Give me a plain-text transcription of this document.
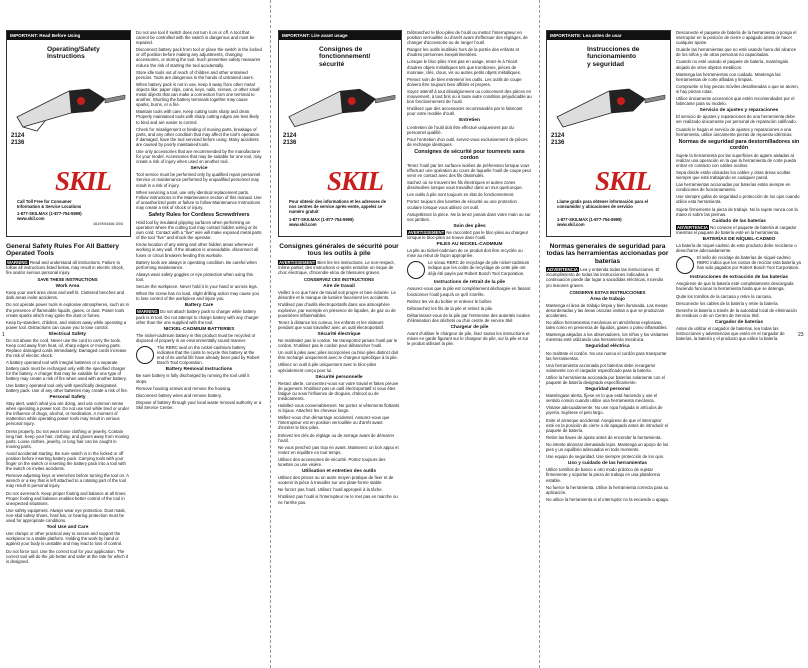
1	23
IMPORTANT: Read Before Using
Operating/Safety
Instructions
2124
2136
SKIL
Call Toll Free for Consumer
Information & Service Locations
1-877-SKILMAX (1-877-754-5999)
www.skil.com
1619X04466 3/04
General Safety Rules For All Battery Operated Tools

WARNING Read and understand all instructions. Failure to follow all instructions listed below, may result in electric shock, fire and/or serious personal injury.

SAVE THESE INSTRUCTIONS

Work Area

Keep your work area clean and well lit. Cluttered benches and dark areas invite accidents.

Do not operate power tools in explosive atmospheres, such as in the presence of flammable liquids, gases, or dust. Power tools create sparks which may ignite the dust or fumes.

Keep by-standers, children, and visitors away while operating a power tool. Distractions can cause you to lose control.

Electrical Safety

Do not abuse the cord. Never use the cord to carry the tools. Keep cord away from heat, oil, sharp edges or moving parts. Replace damaged cords immediately. Damaged cords increase the risk of electric shock.

A battery operated tool with integral batteries or a separate battery pack must be recharged only with the specified charger for the battery. A charger that may be suitable for one type of battery may create a risk of fire when used with another battery.

Use battery operated tool only with specifically designated battery pack. Use of any other batteries may create a risk of fire.

Personal Safety

Stay alert, watch what you are doing, and use common sense when operating a power tool. Do not use tool while tired or under the influence of drugs, alcohol, or medication. A moment of inattention while operating power tools may result in serious personal injury.

Dress properly. Do not wear loose clothing or jewelry. Contain long hair. Keep your hair, clothing, and gloves away from moving parts. Loose clothes, jewelry, or long hair can be caught in moving parts.

Avoid accidental starting. Be sure switch is in the locked or off position before inserting battery pack. Carrying tools with your finger on the switch or inserting the battery pack into a tool with the switch on invites accidents.

Remove adjusting keys or wrenches before turning the tool on. A wrench or a key that is left attached to a rotating part of the tool may result in personal injury.

Do not overreach. Keep proper footing and balance at all times. Proper footing and balance enables better control of the tool in unexpected situations.

Use safety equipment. Always wear eye protection. Dust mask, non-skid safety shoes, hard hat, or hearing protection must be used for appropriate conditions.

Tool Use and Care

Use clamps or other practical way to secure and support the workpiece to a stable platform. Holding the work by hand or against your body is unstable and may lead to loss of control.

Do not force tool. Use the correct tool for your application. The correct tool will do the job better and safer at the rate for which it is designed.

Do not use tool if switch does not turn it on or off. A tool that cannot be controlled with the switch is dangerous and must be repaired.

Disconnect battery pack from tool or place the switch in the locked or off position before making any adjustments, changing accessories, or storing the tool. Such preventive safety measures reduce the risk of starting the tool accidentally.

Store idle tools out of reach of children and other untrained persons. Tools are dangerous in the hands of untrained users.

When battery pack is not in use, keep it away from other metal objects like: paper clips, coins, keys, nails, screws, or other small metal objects that can make a connection from one terminal to another. Shorting the battery terminals together may cause sparks, burns, or a fire.

Maintain tools with care. Keep cutting tools sharp and clean. Properly maintained tools with sharp cutting edges are less likely to bind and are easier to control.

Check for misalignment or binding of moving parts, breakage of parts, and any other condition that may affect the tool's operation. If damaged, have the tool serviced before using. Many accidents are caused by poorly maintained tools.

Use only accessories that are recommended by the manufacturer for your model. Accessories that may be suitable for one tool, may create a risk of injury when used on another tool.

Service

Tool service must be performed only by qualified repair personnel. Service or maintenance performed by unqualified personnel may result in a risk of injury.

When servicing a tool, use only identical replacement parts. Follow instructions in the Maintenance section of this manual. Use of unauthorized parts or failure to follow Maintenance Instructions may create a risk of shock or injury.

Safety Rules for Cordless Screwdrivers

Hold tool by insulated gripping surfaces when performing an operation where the cutting tool may contact hidden wiring or its own cord. Contact with a "live" wire will make exposed metal parts of the tool "live" and shock the operator.

Know location of any wiring and other hidden areas whenever working in any wall. If the situation is unavoidable, disconnect all fuses or circuit breakers feeding this worksite.

Battery tools are always in operating condition. Be careful when performing maintenance.

Always wear safety goggles or eye protection when using this tool.

Secure the workpiece. Never hold it in your hand or across legs.

When the screw has no load, slight drilling action may cause you to lose control of the workpiece and injure you.

Battery Care

WARNING Do not attach battery pack to charger while battery pack is in tool. Do not attempt to charge battery with any charger other than the one supplied with the tool.

NICKEL-CADMIUM BATTERIES

The nickel-cadmium battery in this product must be recycled or disposed of properly in an environmentally sound manner.

The RBRC seal on the nickel-cadmium battery indicates that the costs to recycle this battery at the end of its useful life have already been paid by Robert Bosch Tool Corporation.

Battery Removal Instructions

Be sure battery is fully discharged by running the tool until it stops.

Remove housing screws and remove the housing.

Disconnect battery wires and remove battery.

Dispose of battery through your local waste removal authority or a Skil Service Center.

IMPORTANT: Lire avant usage
Consignes de
fonctionnement/
sécurité
2124
2136
SKIL
Pour obtenir des informations et les adresses de nos centres de service après-vente, appelez ce numéro gratuit
1-877-SKILMAX (1-877-754-5999)
www.skil.com
Consignes générales de sécurité pour tous les outils à pile

AVERTISSEMENT Bien lire les instructions. Le non-respect, même partiel, des instructions ci-après entraîne un risque de choc électrique, d'incendie et/ou de blessures graves.

CONSERVEZ CES INSTRUCTIONS

Aire de travail

Veillez à ce que l'aire de travail soit propre et bien éclairée. Le désordre et le manque de lumière favorisent les accidents.

N'utilisez pas d'outils électroportatifs dans une atmosphère explosive, par exemple en présence de liquides, de gaz ou de poussières inflammables.

Tenez à distance les curieux, les enfants et les visiteurs pendant que vous travaillez avec un outil électroportatif.

Sécurité électrique

Ne maltraitez pas le cordon. Ne transportez jamais l'outil par le cordon. N'utilisez pas le cordon pour débrancher l'outil.

Un outil à piles avec piles incorporées ou bloc-piles distinct doit être rechargé uniquement avec le chargeur spécifique à la pile.

Utilisez un outil à pile uniquement avec le bloc-piles spécialement conçu pour lui.

Sécurité personnelle

Restez alerte, concentrez-vous sur votre travail et faites preuve de jugement. N'utilisez pas un outil électroportatif si vous êtes fatigué ou sous l'influence de drogues, d'alcool ou de médicaments.

Habillez-vous convenablement. Ne portez ni vêtements flottants ni bijoux. Attachez les cheveux longs.

Méfiez-vous d'un démarrage accidentel. Assurez-vous que l'interrupteur est en position verrouillée ou d'arrêt avant d'insérer le bloc-piles.

Enlevez les clés de réglage ou de serrage avant de démarrer l'outil.

Ne vous penchez pas trop en avant. Maintenez un bon appui et restez en équilibre en tout temps.

Utilisez des accessoires de sécurité. Portez toujours des lunettes ou une visière.

Utilisation et entretien des outils

Utilisez des pinces ou un autre moyen pratique de fixer et de soutenir la pièce à travailler sur une plate-forme stable.

Ne forcez pas l'outil. Utilisez l'outil approprié à la tâche.

N'utilisez pas l'outil si l'interrupteur ne le met pas en marche ou ne l'arrête pas.

Débranchez le bloc-piles de l'outil ou mettez l'interrupteur en position verrouillée ou d'arrêt avant d'effectuer des réglages, de changer d'accessoire ou de ranger l'outil.

Rangez les outils inutilisés hors de la portée des enfants et d'autres personnes inexpérimentées.

Lorsque le bloc-piles n'est pas en usage, tenez-le à l'écart d'autres objets métalliques tels que trombones, pièces de monnaie, clés, clous, vis ou autres petits objets métalliques.

Prenez soin de bien entretenir les outils. Les outils de coupe doivent être toujours bien affûtés et propres.

Soyez attentif à tout désalignement ou coincement des pièces en mouvement, à tout bris ou à toute autre condition préjudiciable au bon fonctionnement de l'outil.

N'utilisez que des accessoires recommandés par le fabricant pour votre modèle d'outil.

Entretien

L'entretien de l'outil doit être effectué uniquement par du personnel qualifié.

Pour l'entretien d'un outil, servez-vous exclusivement de pièces de rechange identiques.

Consignes de sécurité pour tournevis sans cordon

Tenez l'outil par les surfaces isolées de préhension lorsque vous effectuez une opération au cours de laquelle l'outil de coupe peut venir en contact avec des fils dissimulés.

Sachez où se trouvent les fils électriques et autres zones dissimulées lorsque vous travaillez dans un mur quelconque.

Les outils à pile sont toujours en état de fonctionnement.

Portez toujours des lunettes de sécurité ou une protection oculaire lorsque vous utilisez cet outil.

Assujettissez la pièce. Ne la tenez jamais dans votre main ou sur vos jambes.

Soin des piles

AVERTISSEMENT Ne raccordez pas le bloc-piles au chargeur lorsque le bloc-piles se trouve dans l'outil.

PILES AU NICKEL-CADMIUM

La pile au nickel-cadmium de ce produit doit être recyclée ou mise au rebut de façon appropriée.

Le sceau RBRC de recyclage de pile nickel-cadmium indique que les coûts de recyclage de cette pile ont déjà été payés par Robert Bosch Tool Corporation.

Instructions de retrait de la pile

Assurez-vous que la pile est complètement déchargée en faisant fonctionner l'outil jusqu'à ce qu'il s'arrête.

Retirez les vis du boîtier et enlevez le boîtier.

Débranchez les fils de la pile et retirez la pile.

Débarrassez-vous de la pile par l'entremise des autorités locales d'élimination des déchets ou d'un centre de service Skil.

Chargeur de pile

Avant d'utiliser le chargeur de pile, lisez toutes les instructions et mises en garde figurant sur le chargeur de pile, sur la pile et sur le produit utilisant la pile.

IMPORTANTE: Lea antes de usar
Instrucciones de
funcionamiento
y seguridad
2124
2136
SKIL
Llame gratis para obtener información para el consumidor y ubicaciones de servicio
1-877-SKILMAX (1-877-754-5999)
www.skil.com
Normas generales de seguridad para todas las herramientas accionadas por baterías

ADVERTENCIA Lea y entienda todas las instrucciones. El incumplimiento de todas las instrucciones indicadas a continuación puede dar lugar a sacudidas eléctricas, incendio y/o lesiones graves.

CONSERVE ESTAS INSTRUCCIONES

Área de trabajo

Mantenga el área de trabajo limpia y bien iluminada. Las mesas desordenadas y las áreas oscuras invitan a que se produzcan accidentes.

No utilice herramientas mecánicas en atmósferas explosivas, tales como en presencia de líquidos, gases o polvo inflamables.

Mantenga alejados a los observadores, los niños y los visitantes mientras esté utilizando una herramienta mecánica.

Seguridad eléctrica

No maltrate el cordón. No use nunca el cordón para transportar las herramientas.

Una herramienta accionada por baterías debe recargarse solamente con el cargador especificado para la batería.

Utilice la herramienta accionada por baterías solamente con el paquete de batería designado específicamente.

Seguridad personal

Manténgase alerta, fíjese en lo que está haciendo y use el sentido común cuando utilice una herramienta mecánica.

Vístase adecuadamente. No use ropa holgada ni artículos de joyería. Sujétese el pelo largo.

Evite el arranque accidental. Asegúrese de que el interruptor esté en la posición de cierre o de apagado antes de introducir el paquete de batería.

Retire las llaves de ajuste antes de encender la herramienta.

No intente alcanzar demasiado lejos. Mantenga un apoyo de los pies y un equilibrio adecuados en todo momento.

Use equipo de seguridad. Use siempre protección de los ojos.

Uso y cuidado de las herramientas

Utilice tornillos de banco u otro modo práctico de sujetar firmemente y soportar la pieza de trabajo en una plataforma estable.

No fuerce la herramienta. Utilice la herramienta correcta para su aplicación.

No utilice la herramienta si el interruptor no la enciende o apaga.

Desconecte el paquete de batería de la herramienta o ponga el interruptor en la posición de cierre o apagado antes de hacer cualquier ajuste.

Guarde las herramientas que no esté usando fuera del alcance de los niños y de otras personas no capacitadas.

Cuando no esté usando el paquete de batería, manténgalo alejado de otros objetos metálicos.

Mantenga las herramientas con cuidado. Mantenga las herramientas de corte afiladas y limpias.

Compruebe si hay piezas móviles desalineadas o que se atoren, si hay piezas rotas.

Utilice únicamente accesorios que estén recomendados por el fabricante para su modelo.

Servicio de ajustes y reparaciones

El servicio de ajustes y reparaciones de una herramienta debe ser realizado únicamente por personal de reparación calificado.

Cuando le hagan el servicio de ajustes y reparaciones a una herramienta, utilice únicamente piezas de repuesto idénticas.

Normas de seguridad para destornilladores sin cordón

Sujete la herramienta por las superficies de agarre aisladas al realizar una operación en la que la herramienta de corte pueda entrar en contacto con cables ocultos.

Sepa dónde están ubicados los cables y otras áreas ocultas siempre que esté trabajando en cualquier pared.

Las herramientas accionadas por baterías están siempre en condiciones de funcionamiento.

Use siempre gafas de seguridad o protección de los ojos cuando utilice esta herramienta.

Sujete firmemente la pieza de trabajo. No la sujete nunca con la mano ni sobre las piernas.

Cuidado de las baterías

ADVERTENCIA No conecte el paquete de batería al cargador mientras el paquete de batería esté en la herramienta.

BATERÍAS DE NÍQUEL-CADMIO

La batería de níquel-cadmio de este producto debe reciclarse o desecharse adecuadamente.

El sello de reciclaje de baterías de níquel-cadmio RBRC indica que los costos de reciclar esta batería ya han sido pagados por Robert Bosch Tool Corporation.

Instrucciones de extracción de las baterías

Asegúrese de que la batería esté completamente descargada haciendo funcionar la herramienta hasta que se detenga.

Quite los tornillos de la carcasa y retire la carcasa.

Desconecte los cables de la batería y retire la batería.

Deseche la batería a través de la autoridad local de eliminación de residuos o de un Centro de Servicio Skil.

Cargador de baterías

Antes de utilizar el cargador de baterías, lea todas las instrucciones y advertencias que estén en el cargador de baterías, la batería y el producto que utilice la batería.
